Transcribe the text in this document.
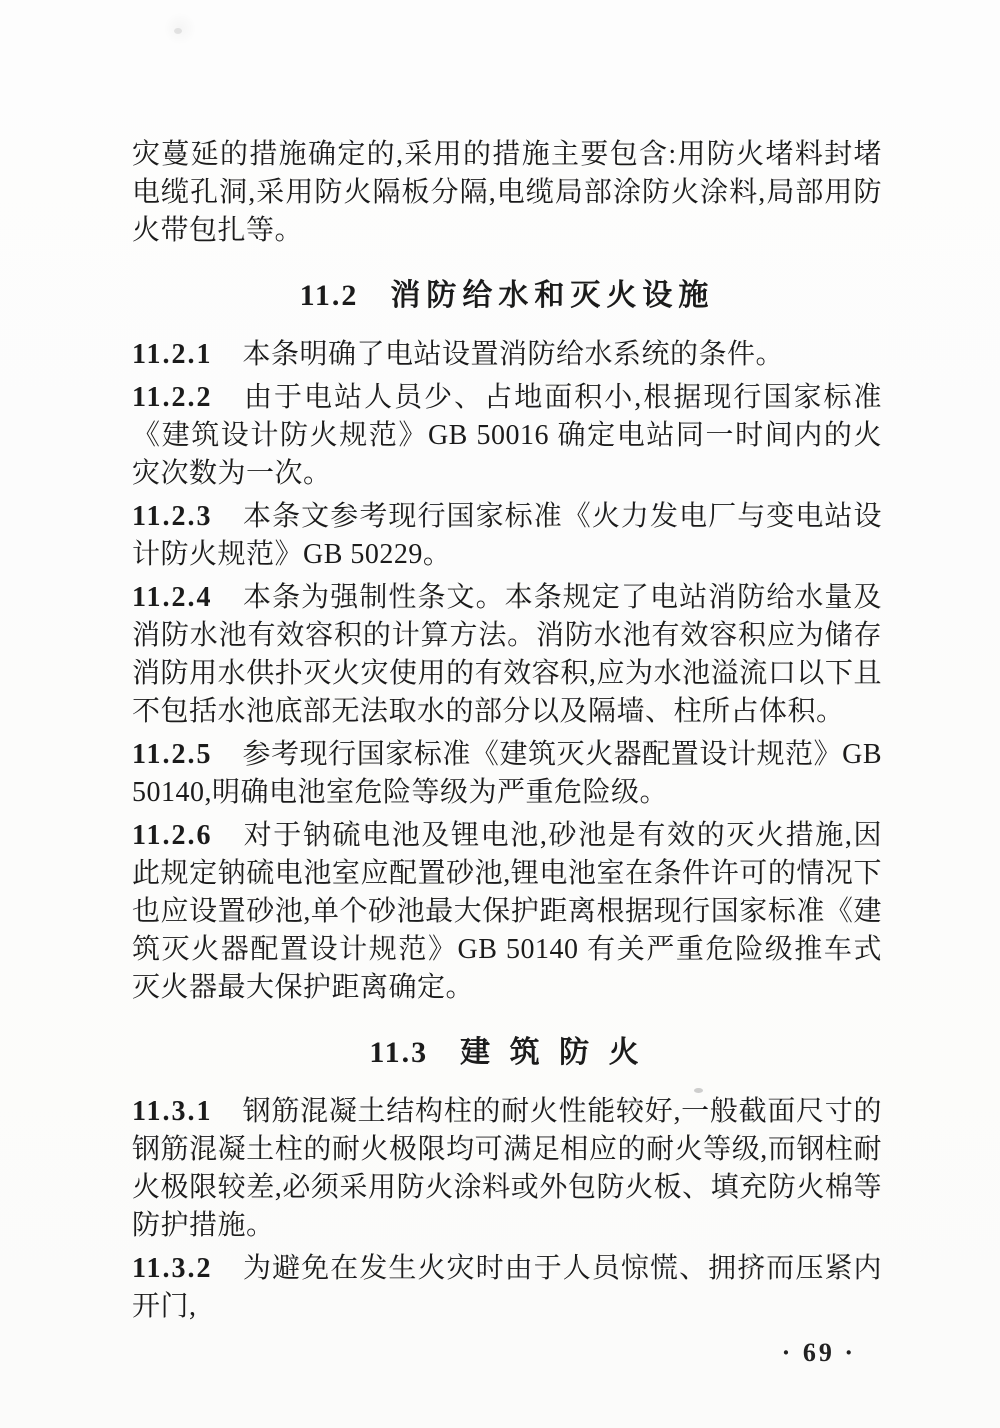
灾蔓延的措施确定的,采用的措施主要包含:用防火堵料封堵电缆孔洞,采用防火隔板分隔,电缆局部涂防火涂料,局部用防火带包扎等。

11.2 消防给水和灭火设施

11.2.1 本条明确了电站设置消防给水系统的条件。

11.2.2 由于电站人员少、占地面积小,根据现行国家标准《建筑设计防火规范》GB 50016 确定电站同一时间内的火灾次数为一次。

11.2.3 本条文参考现行国家标准《火力发电厂与变电站设计防火规范》GB 50229。

11.2.4 本条为强制性条文。本条规定了电站消防给水量及消防水池有效容积的计算方法。消防水池有效容积应为储存消防用水供扑灭火灾使用的有效容积,应为水池溢流口以下且不包括水池底部无法取水的部分以及隔墙、柱所占体积。

11.2.5 参考现行国家标准《建筑灭火器配置设计规范》GB 50140,明确电池室危险等级为严重危险级。

11.2.6 对于钠硫电池及锂电池,砂池是有效的灭火措施,因此规定钠硫电池室应配置砂池,锂电池室在条件许可的情况下也应设置砂池,单个砂池最大保护距离根据现行国家标准《建筑灭火器配置设计规范》GB 50140 有关严重危险级推车式灭火器最大保护距离确定。

11.3 建 筑 防 火

11.3.1 钢筋混凝土结构柱的耐火性能较好,一般截面尺寸的钢筋混凝土柱的耐火极限均可满足相应的耐火等级,而钢柱耐火极限较差,必须采用防火涂料或外包防火板、填充防火棉等防护措施。

11.3.2 为避免在发生火灾时由于人员惊慌、拥挤而压紧内开门,

· 69 ·
